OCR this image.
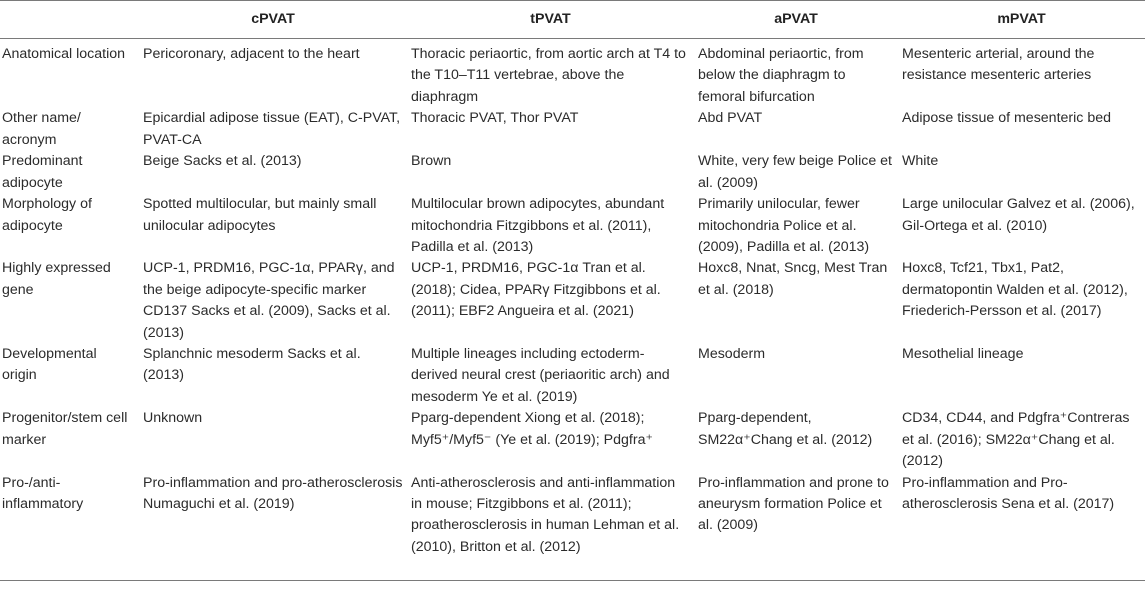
	cPVAT	tPVAT	aPVAT	mPVAT
Anatomical location	Pericoronary, adjacent to the heart	Thoracic periaortic, from aortic arch at T4 to the T10–T11 vertebrae, above the diaphragm	Abdominal periaortic, from below the diaphragm to femoral bifurcation	Mesenteric arterial, around the resistance mesenteric arteries
Other name/ acronym	Epicardial adipose tissue (EAT), C-PVAT, PVAT-CA	Thoracic PVAT, Thor PVAT	Abd PVAT	Adipose tissue of mesenteric bed
Predominant adipocyte	Beige Sacks et al. (2013)	Brown	White, very few beige Police et al. (2009)	White
Morphology of adipocyte	Spotted multilocular, but mainly small unilocular adipocytes	Multilocular brown adipocytes, abundant mitochondria Fitzgibbons et al. (2011), Padilla et al. (2013)	Primarily unilocular, fewer mitochondria Police et al. (2009), Padilla et al. (2013)	Large unilocular Galvez et al. (2006), Gil-Ortega et al. (2010)
Highly expressed gene	UCP-1, PRDM16, PGC-1α, PPARγ, and the beige adipocyte-specific marker CD137 Sacks et al. (2009), Sacks et al. (2013)	UCP-1, PRDM16, PGC-1α Tran et al. (2018); Cidea, PPARγ Fitzgibbons et al. (2011); EBF2 Angueira et al. (2021)	Hoxc8, Nnat, Sncg, Mest Tran et al. (2018)	Hoxc8, Tcf21, Tbx1, Pat2, dermatopontin Walden et al. (2012), Friederich-Persson et al. (2017)
Developmental origin	Splanchnic mesoderm Sacks et al. (2013)	Multiple lineages including ectoderm-derived neural crest (periaoritic arch) and mesoderm Ye et al. (2019)	Mesoderm	Mesothelial lineage
Progenitor/stem cell marker	Unknown	Pparg-dependent Xiong et al. (2018); Myf5⁺/Myf5⁻ (Ye et al. (2019); Pdgfra⁺	Pparg-dependent, SM22α⁺Chang et al. (2012)	CD34, CD44, and Pdgfra⁺Contreras et al. (2016); SM22α⁺Chang et al. (2012)
Pro-/anti-inflammatory	Pro-inflammation and pro-atherosclerosis Numaguchi et al. (2019)	Anti-atherosclerosis and anti-inflammation in mouse; Fitzgibbons et al. (2011); proatherosclerosis in human Lehman et al. (2010), Britton et al. (2012)	Pro-inflammation and prone to aneurysm formation Police et al. (2009)	Pro-inflammation and Pro-atherosclerosis Sena et al. (2017)
